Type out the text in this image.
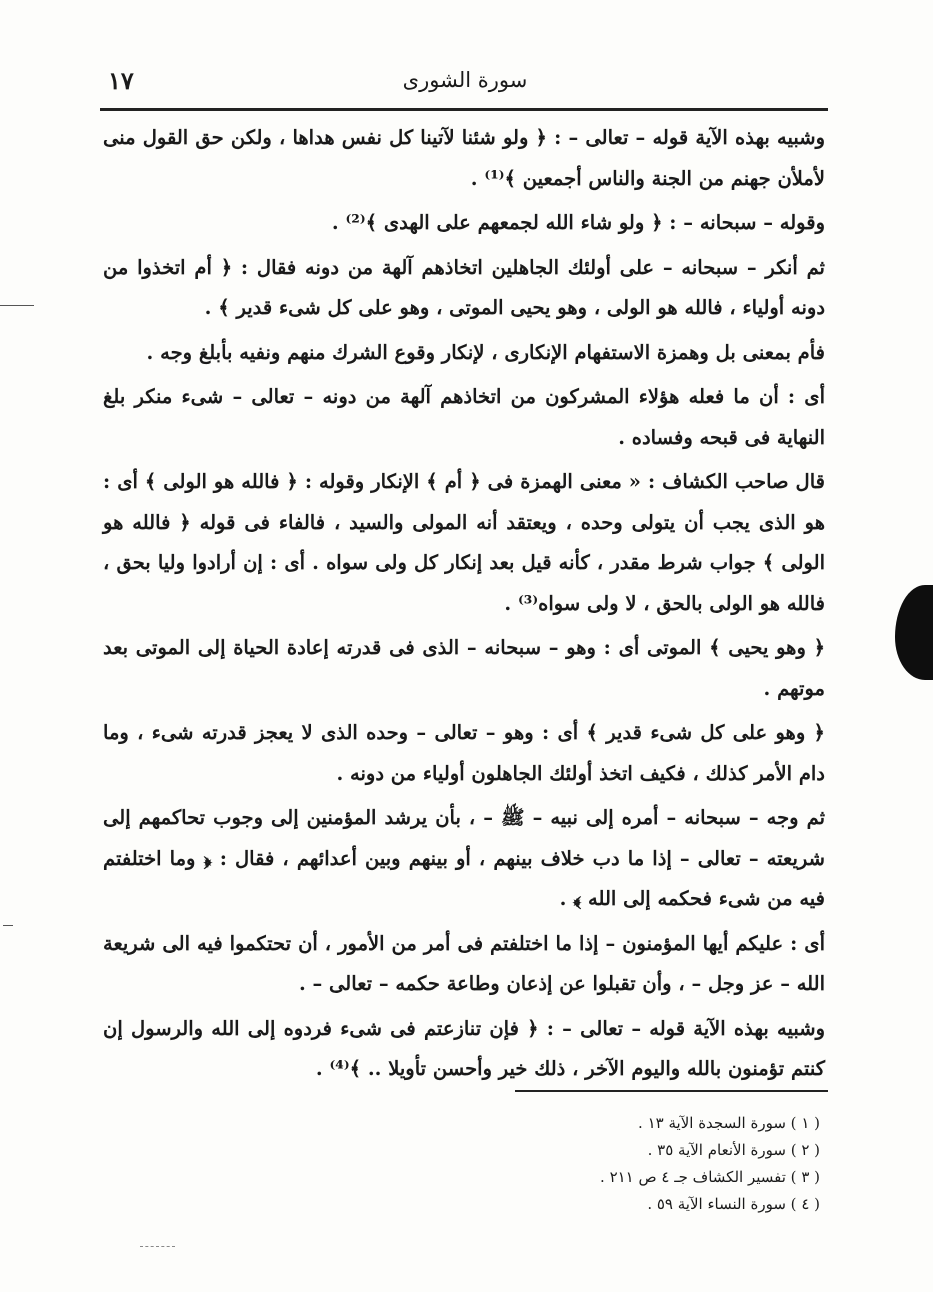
١٧	سورة الشورى

وشبيه بهذه الآية قوله – تعالى – : ﴿ ولو شئنا لآتينا كل نفس هداها ، ولكن حق القول منى لأملأن جهنم من الجنة والناس أجمعين ﴾⁽¹⁾ .

وقوله – سبحانه – : ﴿ ولو شاء الله لجمعهم على الهدى ﴾⁽²⁾ .

ثم أنكر – سبحانه – على أولئك الجاهلين اتخاذهم آلهة من دونه فقال : ﴿ أم اتخذوا من دونه أولياء ، فالله هو الولى ، وهو يحيى الموتى ، وهو على كل شىء قدير ﴾ .

فأم بمعنى بل وهمزة الاستفهام الإنكارى ، لإنكار وقوع الشرك منهم ونفيه بأبلغ وجه .

أى : أن ما فعله هؤلاء المشركون من اتخاذهم آلهة من دونه – تعالى – شىء منكر بلغ النهاية فى قبحه وفساده .

قال صاحب الكشاف : « معنى الهمزة فى ﴿ أم ﴾ الإنكار وقوله : ﴿ فالله هو الولى ﴾ أى : هو الذى يجب أن يتولى وحده ، ويعتقد أنه المولى والسيد ، فالفاء فى قوله ﴿ فالله هو الولى ﴾ جواب شرط مقدر ، كأنه قيل بعد إنكار كل ولى سواه . أى : إن أرادوا وليا بحق ، فالله هو الولى بالحق ، لا ولى سواه⁽³⁾ .

﴿ وهو يحيى ﴾ الموتى أى : وهو – سبحانه – الذى فى قدرته إعادة الحياة إلى الموتى بعد موتهم .

﴿ وهو على كل شىء قدير ﴾ أى : وهو – تعالى – وحده الذى لا يعجز قدرته شىء ، وما دام الأمر كذلك ، فكيف اتخذ أولئك الجاهلون أولياء من دونه .

ثم وجه – سبحانه – أمره إلى نبيه – ﷺ – ، بأن يرشد المؤمنين إلى وجوب تحاكمهم إلى شريعته – تعالى – إذا ما دب خلاف بينهم ، أو بينهم وبين أعدائهم ، فقال : ﴿ وما اختلفتم فيه من شىء فحكمه إلى الله ﴾ .

أى : عليكم أيها المؤمنون – إذا ما اختلفتم فى أمر من الأمور ، أن تحتكموا فيه الى شريعة الله – عز وجل – ، وأن تقبلوا عن إذعان وطاعة حكمه – تعالى – .

وشبيه بهذه الآية قوله – تعالى – : ﴿ فإن تنازعتم فى شىء فردوه إلى الله والرسول إن كنتم تؤمنون بالله واليوم الآخر ، ذلك خير وأحسن تأويلا .. ﴾⁽⁴⁾ .

( ١ ) سورة السجدة الآية ١٣ .

( ٢ ) سورة الأنعام الآية ٣٥ .

( ٣ ) تفسير الكشاف جـ ٤ ص ٢١١ .

( ٤ ) سورة النساء الآية ٥٩ .
